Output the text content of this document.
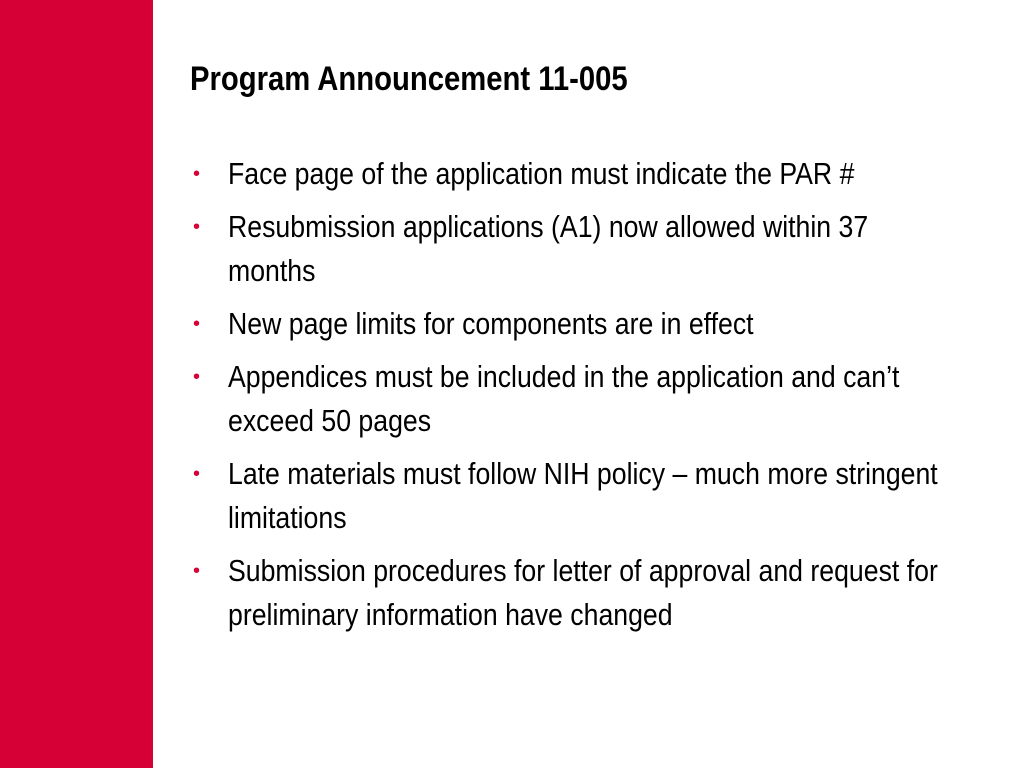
Program Announcement 11-005
• Face page of the application must indicate the PAR #
• Resubmission applications (A1) now allowed within 37 months
• New page limits for components are in effect
• Appendices must be included in the application and can’t exceed 50 pages
• Late materials must follow NIH policy – much more stringent limitations
• Submission procedures for letter of approval and request for preliminary information have changed
